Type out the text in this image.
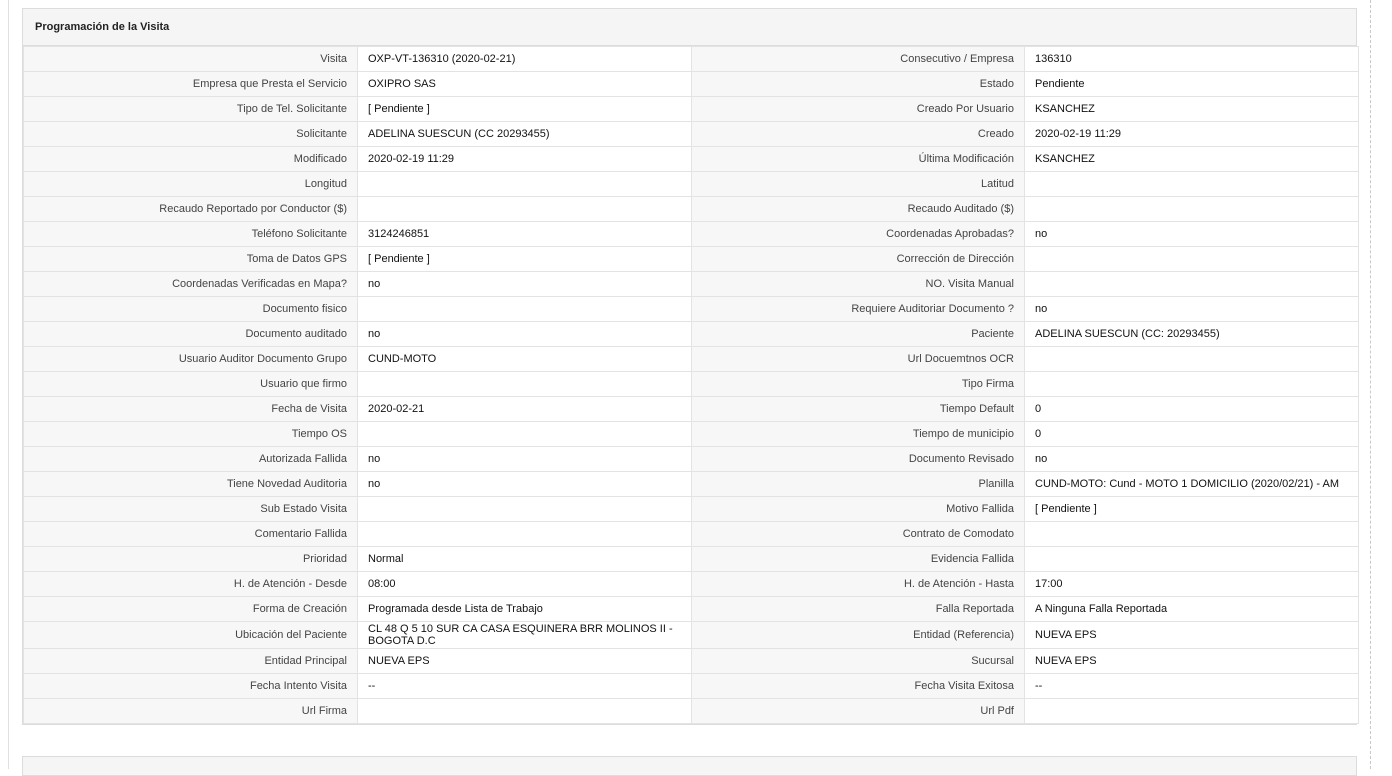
Programación de la Visita
Visita	OXP-VT-136310 (2020-02-21)	Consecutivo / Empresa	136310
Empresa que Presta el Servicio	OXIPRO SAS	Estado	Pendiente
Tipo de Tel. Solicitante	[ Pendiente ]	Creado Por Usuario	KSANCHEZ
Solicitante	ADELINA SUESCUN (CC 20293455)	Creado	2020-02-19 11:29
Modificado	2020-02-19 11:29	Última Modificación	KSANCHEZ
Longitud		Latitud	
Recaudo Reportado por Conductor ($)		Recaudo Auditado ($)	
Teléfono Solicitante	3124246851	Coordenadas Aprobadas?	no
Toma de Datos GPS	[ Pendiente ]	Corrección de Dirección	
Coordenadas Verificadas en Mapa?	no	NO. Visita Manual	
Documento fisico		Requiere Auditoriar Documento ?	no
Documento auditado	no	Paciente	ADELINA SUESCUN (CC: 20293455)
Usuario Auditor Documento Grupo	CUND-MOTO	Url Docuemtnos OCR	
Usuario que firmo		Tipo Firma	
Fecha de Visita	2020-02-21	Tiempo Default	0
Tiempo OS		Tiempo de municipio	0
Autorizada Fallida	no	Documento Revisado	no
Tiene Novedad Auditoria	no	Planilla	CUND-MOTO: Cund - MOTO 1 DOMICILIO (2020/02/21) - AM
Sub Estado Visita		Motivo Fallida	[ Pendiente ]
Comentario Fallida		Contrato de Comodato	
Prioridad	Normal	Evidencia Fallida	
H. de Atención - Desde	08:00	H. de Atención - Hasta	17:00
Forma de Creación	Programada desde Lista de Trabajo	Falla Reportada	A Ninguna Falla Reportada
Ubicación del Paciente	CL 48 Q 5 10 SUR CA CASA ESQUINERA BRR MOLINOS II - BOGOTA D.C	Entidad (Referencia)	NUEVA EPS
Entidad Principal	NUEVA EPS	Sucursal	NUEVA EPS
Fecha Intento Visita	--	Fecha Visita Exitosa	--
Url Firma		Url Pdf	
